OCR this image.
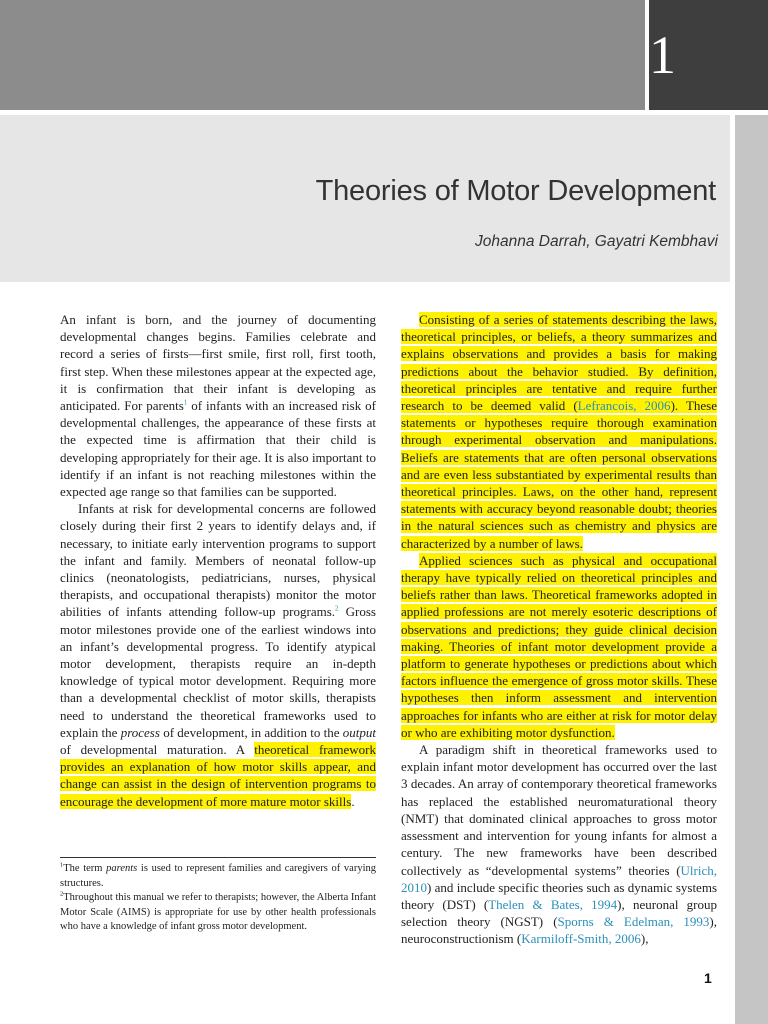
1
Theories of Motor Development
Johanna Darrah, Gayatri Kembhavi

An infant is born, and the journey of documenting developmental changes begins. Families celebrate and record a series of firsts—first smile, first roll, first tooth, first step. When these milestones appear at the expected age, it is confirmation that their infant is developing as anticipated. For parents$^1$ of infants with an increased risk of developmental challenges, the appearance of these firsts at the expected time is affirmation that their child is developing appropriately for their age. It is also important to identify if an infant is not reaching milestones within the expected age range so that families can be supported.

Infants at risk for developmental concerns are followed closely during their first 2 years to identify delays and, if necessary, to initiate early intervention programs to support the infant and family. Members of neonatal follow-up clinics (neonatologists, pediatricians, nurses, physical therapists, and occupational therapists) monitor the motor abilities of infants attending follow-up programs.$^2$ Gross motor milestones provide one of the earliest windows into an infant’s developmental progress. To identify atypical motor development, therapists require an in-depth knowledge of typical motor development. Requiring more than a developmental checklist of motor skills, therapists need to understand the theoretical frameworks used to explain the process of development, in addition to the output of developmental maturation. A theoretical framework provides an explanation of how motor skills appear, and change can assist in the design of intervention programs to encourage the development of more mature motor skills.

$^1$The term parents is used to represent families and caregivers of varying structures.

$^2$Throughout this manual we refer to therapists; however, the Alberta Infant Motor Scale (AIMS) is appropriate for use by other health professionals who have a knowledge of infant gross motor development.

Consisting of a series of statements describing the laws, theoretical principles, or beliefs, a theory summarizes and explains observations and provides a basis for making predictions about the behavior studied. By definition, theoretical principles are tentative and require further research to be deemed valid (Lefrancois, 2006). These statements or hypotheses require thorough examination through experimental observation and manipulations. Beliefs are statements that are often personal observations and are even less substantiated by experimental results than theoretical principles. Laws, on the other hand, represent statements with accuracy beyond reasonable doubt; theories in the natural sciences such as chemistry and physics are characterized by a number of laws.

Applied sciences such as physical and occupational therapy have typically relied on theoretical principles and beliefs rather than laws. Theoretical frameworks adopted in applied professions are not merely esoteric descriptions of observations and predictions; they guide clinical decision making. Theories of infant motor development provide a platform to generate hypotheses or predictions about which factors influence the emergence of gross motor skills. These hypotheses then inform assessment and intervention approaches for infants who are either at risk for motor delay or who are exhibiting motor dysfunction.

A paradigm shift in theoretical frameworks used to explain infant motor development has occurred over the last 3 decades. An array of contemporary theoretical frameworks has replaced the established neuromaturational theory (NMT) that dominated clinical approaches to gross motor assessment and intervention for young infants for almost a century. The new frameworks have been described collectively as “developmental systems” theories (Ulrich, 2010) and include specific theories such as dynamic systems theory (DST) (Thelen & Bates, 1994), neuronal group selection theory (NGST) (Sporns & Edelman, 1993), neuroconstructionism (Karmiloff-Smith, 2006),

1
